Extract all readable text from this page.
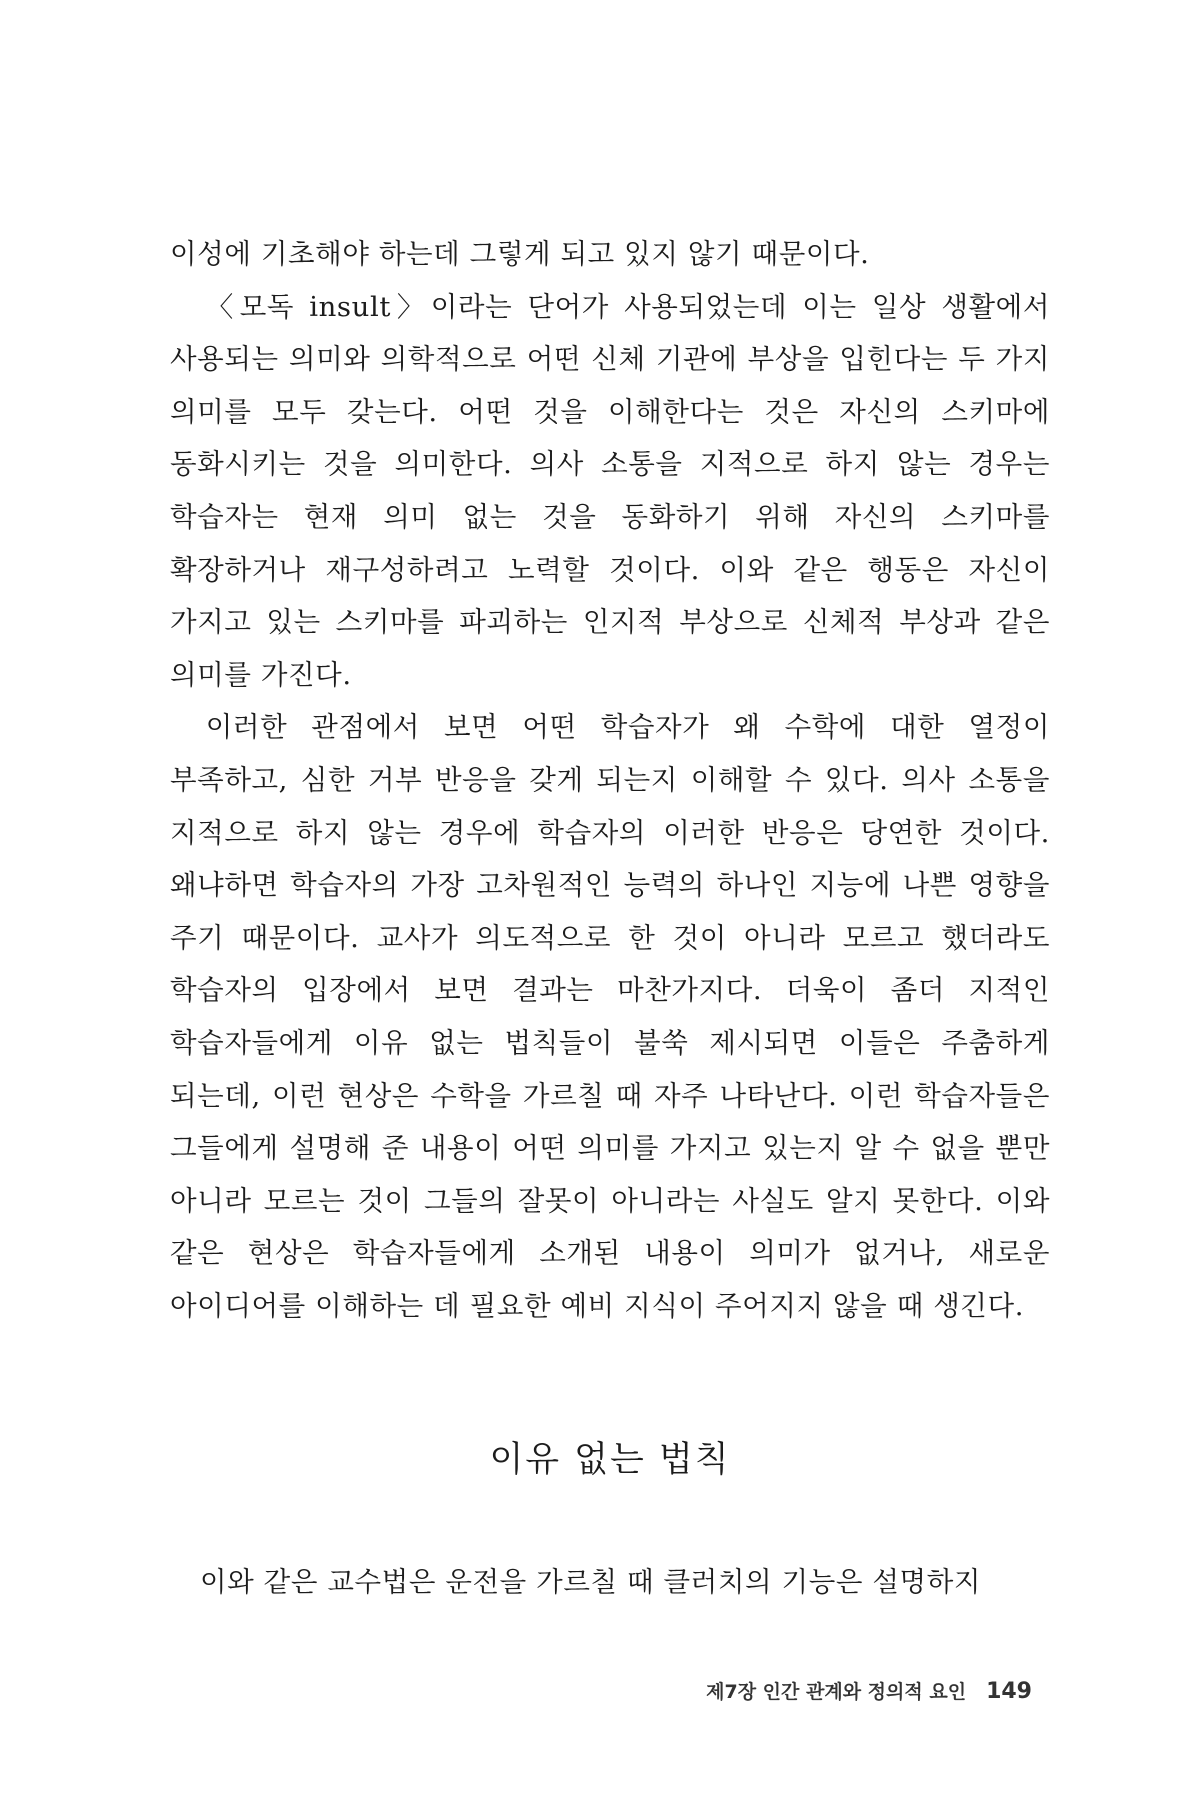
이성에 기초해야 하는데 그렇게 되고 있지 않기 때문이다.

〈모독 insult〉이라는 단어가 사용되었는데 이는 일상 생활에서 사용되는 의미와 의학적으로 어떤 신체 기관에 부상을 입힌다는 두 가지 의미를 모두 갖는다. 어떤 것을 이해한다는 것은 자신의 스키마에 동화시키는 것을 의미한다. 의사 소통을 지적으로 하지 않는 경우는 학습자는 현재 의미 없는 것을 동화하기 위해 자신의 스키마를 확장하거나 재구성하려고 노력할 것이다. 이와 같은 행동은 자신이 가지고 있는 스키마를 파괴하는 인지적 부상으로 신체적 부상과 같은 의미를 가진다.

이러한 관점에서 보면 어떤 학습자가 왜 수학에 대한 열정이 부족하고, 심한 거부 반응을 갖게 되는지 이해할 수 있다. 의사 소통을 지적으로 하지 않는 경우에 학습자의 이러한 반응은 당연한 것이다. 왜냐하면 학습자의 가장 고차원적인 능력의 하나인 지능에 나쁜 영향을 주기 때문이다. 교사가 의도적으로 한 것이 아니라 모르고 했더라도 학습자의 입장에서 보면 결과는 마찬가지다. 더욱이 좀더 지적인 학습자들에게 이유 없는 법칙들이 불쑥 제시되면 이들은 주춤하게 되는데, 이런 현상은 수학을 가르칠 때 자주 나타난다. 이런 학습자들은 그들에게 설명해 준 내용이 어떤 의미를 가지고 있는지 알 수 없을 뿐만 아니라 모르는 것이 그들의 잘못이 아니라는 사실도 알지 못한다. 이와 같은 현상은 학습자들에게 소개된 내용이 의미가 없거나, 새로운 아이디어를 이해하는 데 필요한 예비 지식이 주어지지 않을 때 생긴다.

이유 없는 법칙

이와 같은 교수법은 운전을 가르칠 때 클러치의 기능은 설명하지

제7장 인간 관계와 정의적 요인 149
